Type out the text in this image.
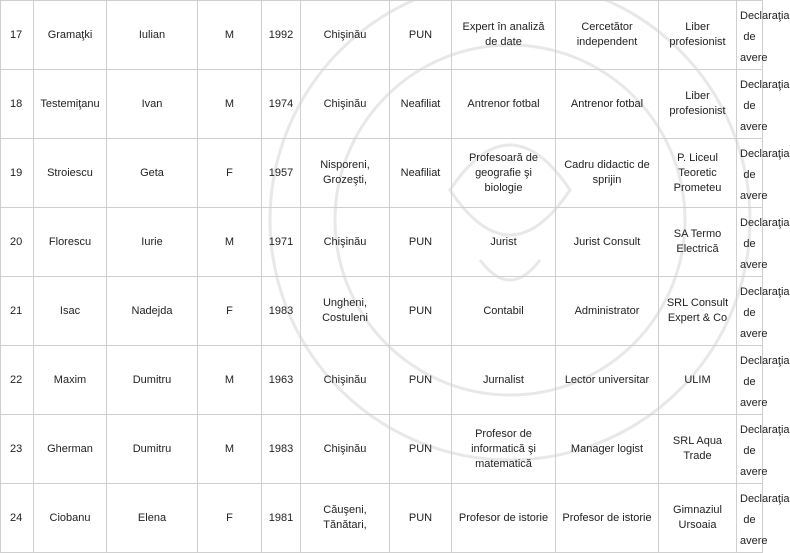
17	Gramaţki	Iulian	M	1992	Chişinău	PUN	Expert în analiză de date	Cercetător independent	Liber profesionist	Declaraţia
de avere

18	Testemiţanu	Ivan	M	1974	Chişinău	Neafiliat	Antrenor fotbal	Antrenor fotbal	Liber profesionist	Declaraţia
de avere

19	Stroiescu	Geta	F	1957	Nisporeni, Grozeşti,	Neafiliat	Profesoară de geografie şi biologie	Cadru didactic de sprijin	P. Liceul Teoretic Prometeu	Declaraţia
de avere

20	Florescu	Iurie	M	1971	Chişinău	PUN	Jurist	Jurist Consult	SA Termo Electrică	Declaraţia
de avere

21	Isac	Nadejda	F	1983	Ungheni, Costuleni	PUN	Contabil	Administrator	SRL Consult Expert & Co	Declaraţia
de avere

22	Maxim	Dumitru	M	1963	Chişinău	PUN	Jurnalist	Lector universitar	ULIM	Declaraţia
de avere

23	Gherman	Dumitru	M	1983	Chişinău	PUN	Profesor de informatică şi matematică	Manager logist	SRL Aqua Trade	Declaraţia
de avere

24	Ciobanu	Elena	F	1981	Căuşeni, Tănătari,	PUN	Profesor de istorie	Profesor de istorie	Gimnaziul Ursoaia	Declaraţia
de avere
